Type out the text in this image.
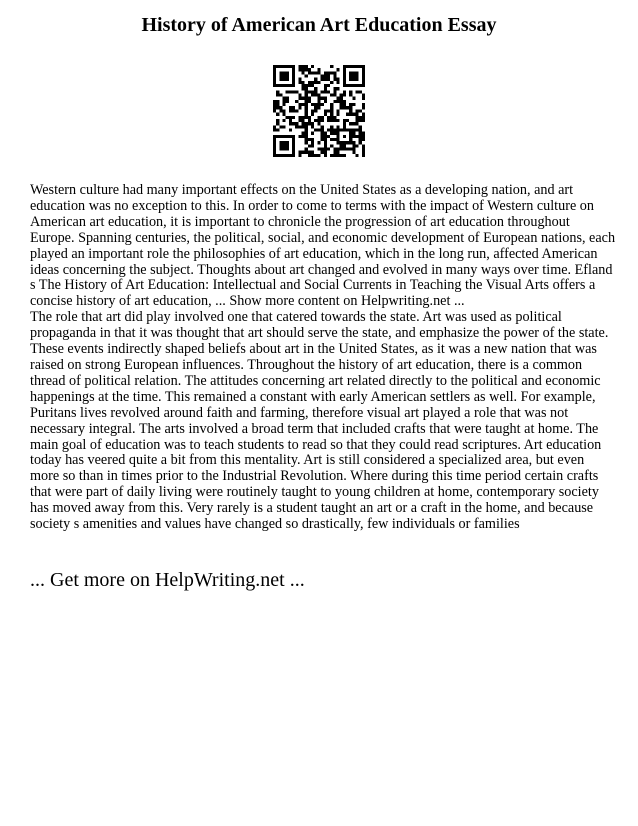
History of American Art Education Essay

Western culture had many important effects on the United States as a developing nation, and art education was no exception to this. In order to come to terms with the impact of Western culture on American art education, it is important to chronicle the progression of art education throughout Europe. Spanning centuries, the political, social, and economic development of European nations, each played an important role the philosophies of art education, which in the long run, affected American ideas concerning the subject. Thoughts about art changed and evolved in many ways over time. Efland s The History of Art Education: Intellectual and Social Currents in Teaching the Visual Arts offers a concise history of art education, ... Show more content on Helpwriting.net ...

The role that art did play involved one that catered towards the state. Art was used as political propaganda in that it was thought that art should serve the state, and emphasize the power of the state. These events indirectly shaped beliefs about art in the United States, as it was a new nation that was raised on strong European influences. Throughout the history of art education, there is a common thread of political relation. The attitudes concerning art related directly to the political and economic happenings at the time. This remained a constant with early American settlers as well. For example, Puritans lives revolved around faith and farming, therefore visual art played a role that was not necessary integral. The arts involved a broad term that included crafts that were taught at home. The main goal of education was to teach students to read so that they could read scriptures. Art education today has veered quite a bit from this mentality. Art is still considered a specialized area, but even more so than in times prior to the Industrial Revolution. Where during this time period certain crafts that were part of daily living were routinely taught to young children at home, contemporary society has moved away from this. Very rarely is a student taught an art or a craft in the home, and because society s amenities and values have changed so drastically, few individuals or families

... Get more on HelpWriting.net ...
